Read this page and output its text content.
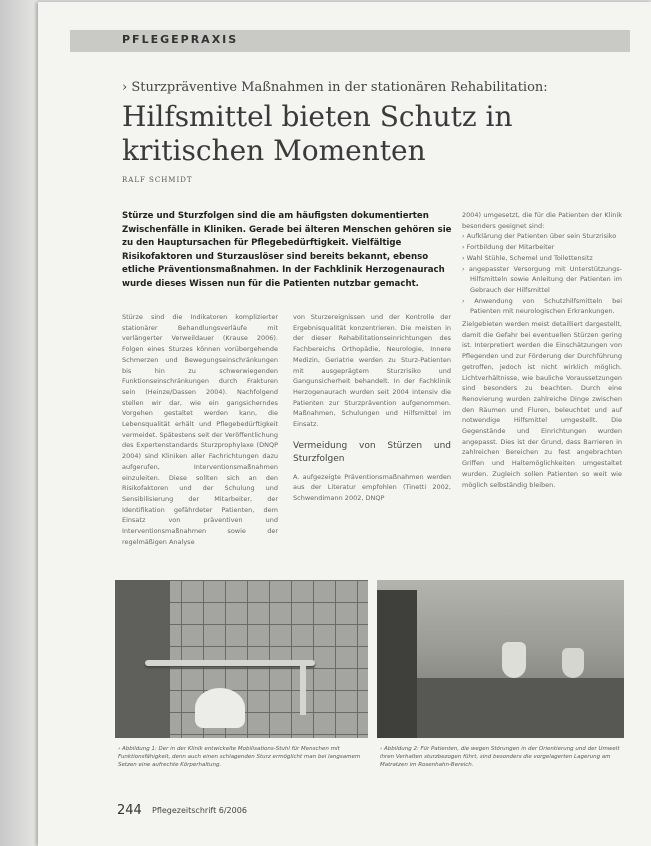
PFLEGEPRAXIS
› Sturzpräventive Maßnahmen in der stationären Rehabilitation:
Hilfsmittel bieten Schutz in kritischen Momenten
RALF SCHMIDT

Stürze und Sturzfolgen sind die am häufigsten dokumentierten Zwischenfälle in Kliniken. Gerade bei älteren Menschen gehören sie zu den Hauptursachen für Pflegebedürftigkeit. Vielfältige Risikofaktoren und Sturzauslöser sind bereits bekannt, ebenso etliche Präventionsmaßnahmen. In der Fachklinik Herzogenaurach wurde dieses Wissen nun für die Patienten nutzbar gemacht.

Stürze sind die Indikatoren komplizierter stationärer Behandlungsverläufe mit verlängerter Verweildauer (Krause 2006). Folgen eines Sturzes können vorübergehende Schmerzen und Bewegungseinschränkungen bis hin zu schwerwiegenden Funktionseinschränkungen durch Frakturen sein (Heinze/Dassen 2004). Nachfolgend stellen wir dar, wie ein gangsicherndes Vorgehen gestaltet werden kann, die Lebensqualität erhält und Pflegebedürftigkeit vermeidet. Spätestens seit der Veröffentlichung des Expertenstandards Sturzprophylaxe (DNQP 2004) sind Kliniken aller Fachrichtungen dazu aufgerufen, Interventionsmaßnahmen einzuleiten. Diese sollten sich an den Risikofaktoren und der Schulung und Sensibilisierung der Mitarbeiter, der Identifikation gefährdeter Patienten, dem Einsatz von präventiven und Interventionsmaßnahmen sowie der regelmäßigen Analyse

von Sturzereignissen und der Kontrolle der Ergebnisqualität konzentrieren. Die meisten in der dieser Rehabilitationseinrichtungen des Fachbereichs Orthopädie, Neurologie, Innere Medizin, Geriatrie werden zu Sturz-Patienten mit ausgeprägtem Sturzrisiko und Gangunsicherheit behandelt. In der Fachklinik Herzogenaurach wurden seit 2004 intensiv die Patienten zur Sturzprävention aufgenommen. Maßnahmen, Schulungen und Hilfsmittel im Einsatz.

Vermeidung von Stürzen und Sturzfolgen

A. aufgezeigte Präventionsmaßnahmen werden aus der Literatur empfohlen (Tinetti 2002, Schwendimann 2002, DNQP

2004) umgesetzt, die für die Patienten der Klinik besonders geeignet sind:

› Aufklärung der Patienten über sein Sturzrisiko
› Fortbildung der Mitarbeiter
› Wahl Stühle, Schemel und Toilettensitz
› angepasster Versorgung mit Unterstützungs-Hilfsmitteln sowie Anleitung der Patienten im Gebrauch der Hilfsmittel
› Anwendung von Schutzhilfsmitteln bei Patienten mit neurologischen Erkrankungen.

Zielgebieten werden meist detailliert dargestellt, damit die Gefahr bei eventuellen Stürzen gering ist. Interpretiert werden die Einschätzungen von Pflegenden und zur Förderung der Durchführung getroffen, jedoch ist nicht wirklich möglich. Lichtverhältnisse, wie bauliche Voraussetzungen sind besonders zu beachten. Durch eine Renovierung wurden zahlreiche Dinge zwischen den Räumen und Fluren, beleuchtet und auf notwendige Hilfsmittel umgestellt. Die Gegenstände und Einrichtungen wurden angepasst. Dies ist der Grund, dass Barrieren in zahlreichen Bereichen zu fest angebrachten Griffen und Haltemöglichkeiten umgestaltet wurden. Zugleich sollen Patienten so weit wie möglich selbständig bleiben.

› Abbildung 1: Der in der Klinik entwickelte Mobilisations-Stuhl für Menschen mit Funktionsfähigkeit, denn auch einen schlagenden Sturz ermöglicht man bei langsamem Setzen eine aufrechte Körperhaltung.

› Abbildung 2: Für Patienten, die wegen Störungen in der Orientierung und der Umwelt ihren Verhalten sturzbezogen führt, sind besonders die vorgelagerten Lagerung am Matratzen im Rosenhahn-Bereich.

244 Pflegezeitschrift 6/2006
